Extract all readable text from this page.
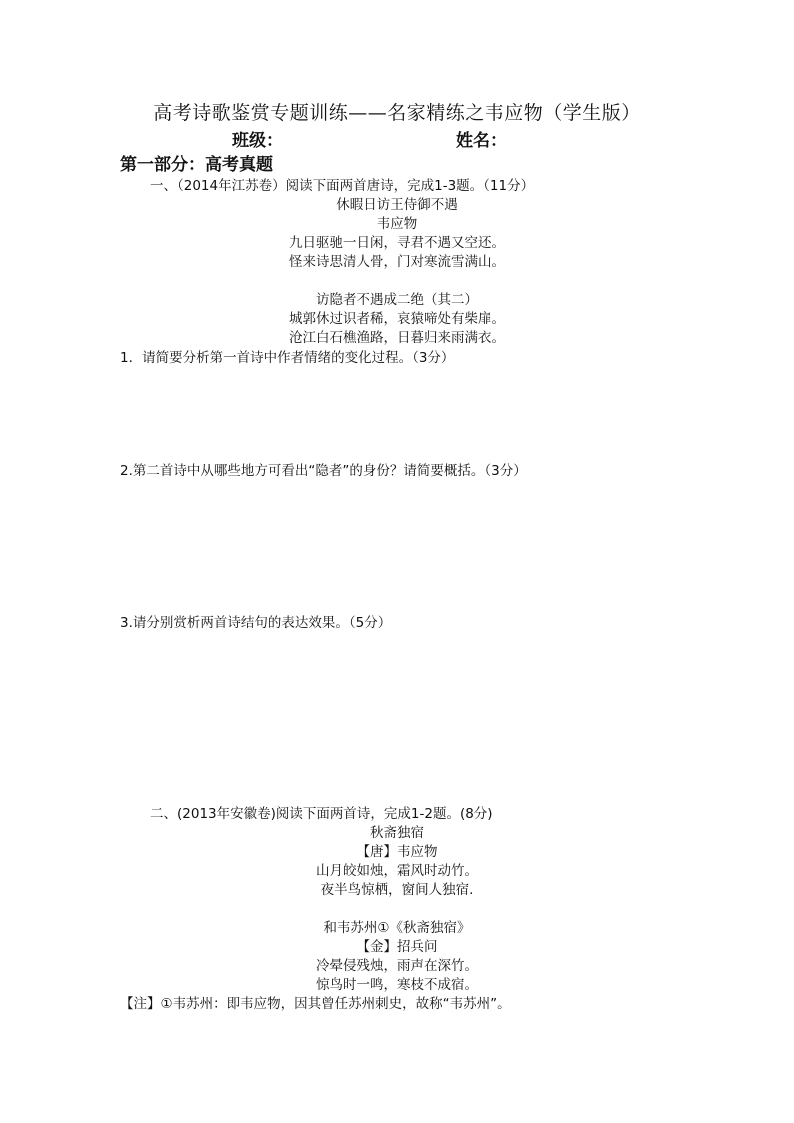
高考诗歌鉴赏专题训练——名家精练之韦应物（学生版）
班级：	姓名：
第一部分：高考真题
一、（2014年江苏卷）阅读下面两首唐诗，完成1-3题。（11分）
休暇日访王侍御不遇
韦应物
九日驱驰一日闲，寻君不遇又空还。
怪来诗思清人骨，门对寒流雪满山。
访隐者不遇成二绝（其二）
城郭休过识者稀，哀猿啼处有柴扉。
沧江白石樵渔路，日暮归来雨满衣。
1．请简要分析第一首诗中作者情绪的变化过程。（3分）
2.第二首诗中从哪些地方可看出“隐者”的身份？请简要概括。（3分）
3.请分别赏析两首诗结句的表达效果。（5分）
二、(2013年安徽卷)阅读下面两首诗，完成1-2题。(8分)
秋斋独宿
【唐】韦应物
山月皎如烛，霜风时动竹。
夜半鸟惊栖，窗间人独宿.
和韦苏州①《秋斋独宿》
【金】招兵问
冷晕侵残烛，雨声在深竹。
惊鸟时一鸣，寒枝不成宿。
【注】①韦苏州：即韦应物，因其曾任苏州刺史，故称“韦苏州”。
